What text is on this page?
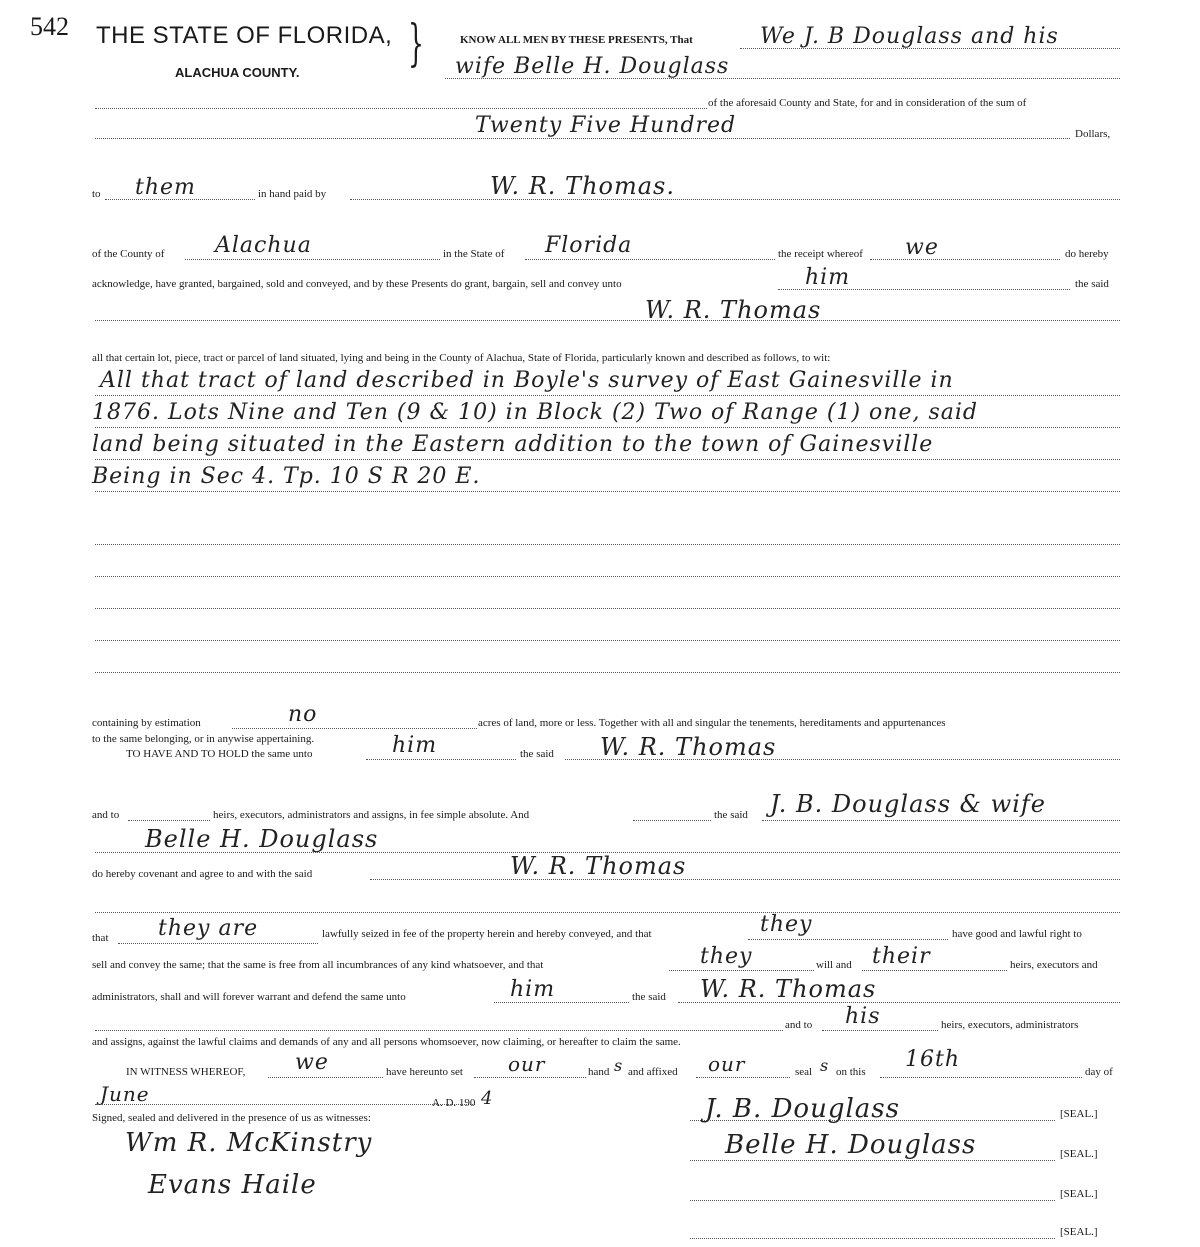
542 THE STATE OF FLORIDA, }
ALACHUA COUNTY.
KNOW ALL MEN BY THESE PRESENTS, That	We J. B Douglass and his
wife Belle H. Douglass
of the aforesaid County and State, for and in consideration of the sum of
Twenty Five Hundred	Dollars,
to them	in hand paid by	W. R. Thomas.
of the County of Alachua	in the State of Florida	the receipt whereof we	do hereby
acknowledge, have granted, bargained, sold and conveyed, and by these Presents do grant, bargain, sell and convey unto	him	the said
W. R. Thomas
all that certain lot, piece, tract or parcel of land situated, lying and being in the County of Alachua, State of Florida, particularly known and described as follows, to wit:
All that tract of land described in Boyle's survey of East Gainesville in
1876. Lots Nine and Ten (9 & 10) in Block (2) Two of Range (1) one, said
land being situated in the Eastern addition to the town of Gainesville
Being in Sec 4. Tp. 10 S R 20 E.
containing by estimation	no	acres of land, more or less. Together with all and singular the tenements, hereditaments and appurtenances
to the same belonging, or in anywise appertaining.
TO HAVE AND TO HOLD the same unto	him	the said W. R. Thomas
and to	heirs, executors, administrators and assigns, in fee simple absolute. And	the said J. B. Douglass & wife
Belle H. Douglass
do hereby covenant and agree to and with the said	W. R. Thomas
that they are	lawfully seized in fee of the property herein and hereby conveyed, and that	they	have good and lawful right to
sell and convey the same; that the same is free from all incumbrances of any kind whatsoever, and that	they	will and their	heirs, executors and
administrators, shall and will forever warrant and defend the same unto	him	the said W. R. Thomas
and to his	heirs, executors, administrators
and assigns, against the lawful claims and demands of any and all persons whomsoever, now claiming, or hereafter to claim the same.
IN WITNESS WHEREOF, we	have hereunto set our	hand s and affixed our	seal s on this 16th	day of
June	A. D. 190 4
Signed, sealed and delivered in the presence of us as witnesses:
Wm R. McKinstry
Evans Haile
J. B. Douglass	[SEAL.]
Belle H. Douglass	[SEAL.]
[SEAL.]
[SEAL.]
